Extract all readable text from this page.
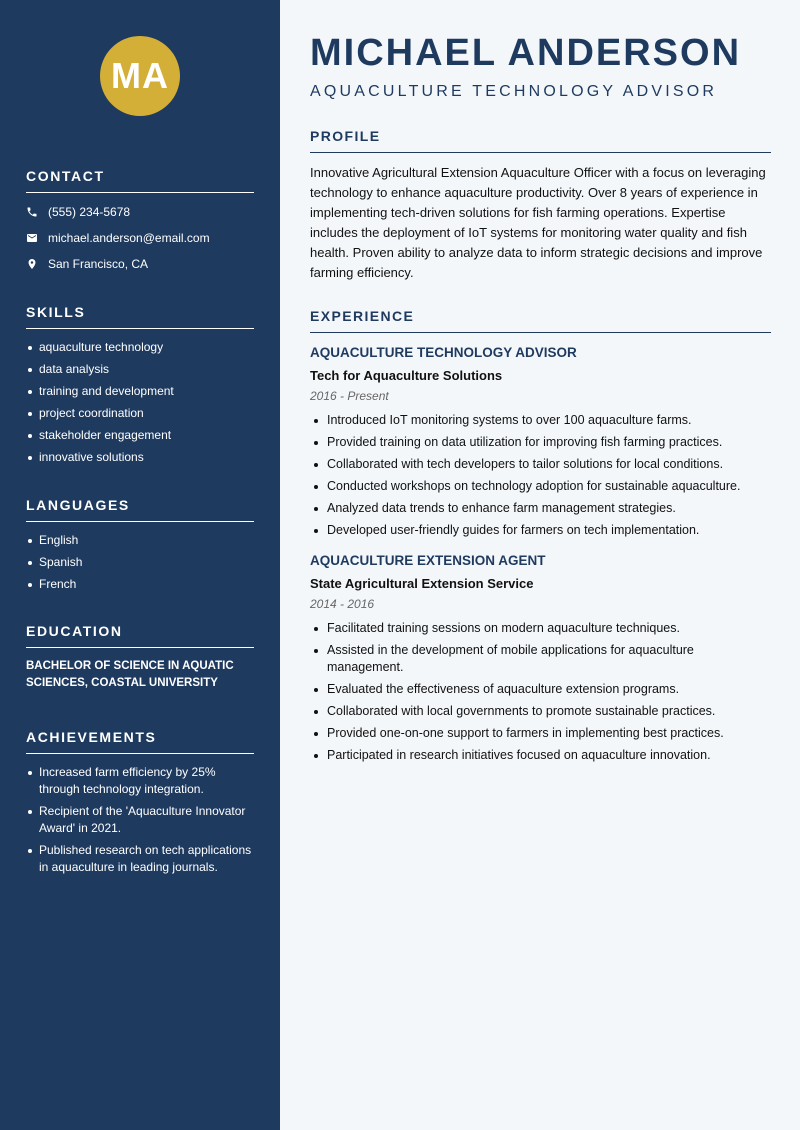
MA
CONTACT
(555) 234-5678
michael.anderson@email.com
San Francisco, CA
SKILLS
aquaculture technology
data analysis
training and development
project coordination
stakeholder engagement
innovative solutions
LANGUAGES
English
Spanish
French
EDUCATION
BACHELOR OF SCIENCE IN AQUATIC SCIENCES, COASTAL UNIVERSITY
ACHIEVEMENTS
Increased farm efficiency by 25% through technology integration.
Recipient of the 'Aquaculture Innovator Award' in 2021.
Published research on tech applications in aquaculture in leading journals.
MICHAEL ANDERSON
AQUACULTURE TECHNOLOGY ADVISOR
PROFILE

Innovative Agricultural Extension Aquaculture Officer with a focus on leveraging technology to enhance aquaculture productivity. Over 8 years of experience in implementing tech-driven solutions for fish farming operations. Expertise includes the deployment of IoT systems for monitoring water quality and fish health. Proven ability to analyze data to inform strategic decisions and improve farming efficiency.

EXPERIENCE
AQUACULTURE TECHNOLOGY ADVISOR
Tech for Aquaculture Solutions
2016 - Present
Introduced IoT monitoring systems to over 100 aquaculture farms.
Provided training on data utilization for improving fish farming practices.
Collaborated with tech developers to tailor solutions for local conditions.
Conducted workshops on technology adoption for sustainable aquaculture.
Analyzed data trends to enhance farm management strategies.
Developed user-friendly guides for farmers on tech implementation.
AQUACULTURE EXTENSION AGENT
State Agricultural Extension Service
2014 - 2016
Facilitated training sessions on modern aquaculture techniques.
Assisted in the development of mobile applications for aquaculture management.
Evaluated the effectiveness of aquaculture extension programs.
Collaborated with local governments to promote sustainable practices.
Provided one-on-one support to farmers in implementing best practices.
Participated in research initiatives focused on aquaculture innovation.
